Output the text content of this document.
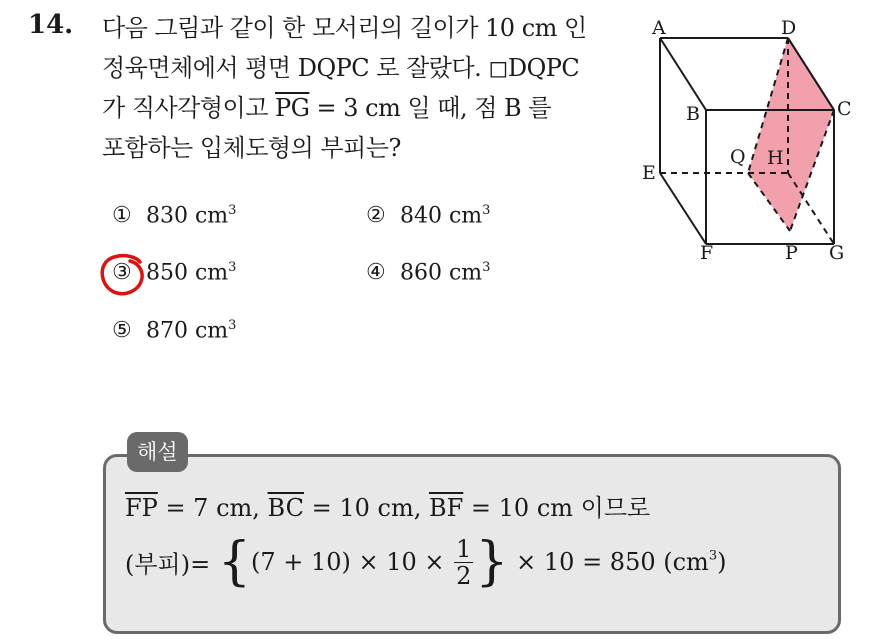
14. 다음 그림과 같이 한 모서리의 길이가 10 cm 인
정육면체에서 평면 DQPC 로 잘랐다. ◻DQPC
가 직사각형이고 $\overline{PG} = 3$ cm 일 때, 점 B 를
포함하는 입체도형의 부피는?
① 830 $cm^3$	② 840 $cm^3$
③ 850 $cm^3$	④ 860 $cm^3$
⑤ 870 $cm^3$
A	D
B	C
E
Q H
F	P G
해설
$\overline{FP} = 7$ cm, $\overline{BC} = 10$ cm, $\overline{BF} = 10$ cm 이므로
(부피)= {$(7 + 10) \times 10 \times \frac{1}{2}$ } × 10 = 850 $(cm^3)$
